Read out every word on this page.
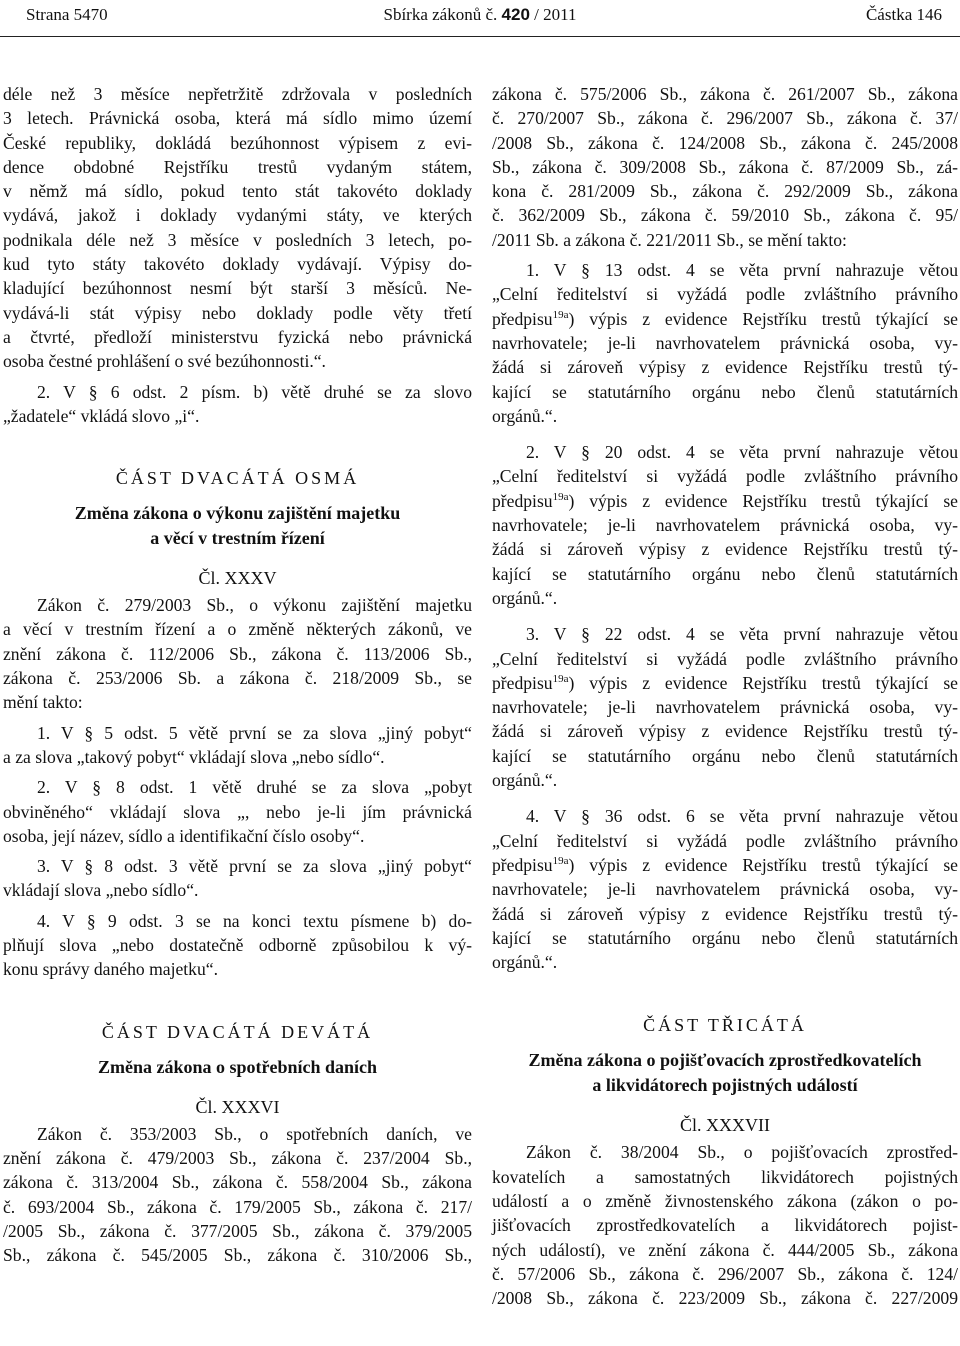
Strana 5470	Sbírka zákonů č. 420 / 2011	Částka 146
déle než 3 měsíce nepřetržitě zdržovala v posledních
3 letech. Právnická osoba, která má sídlo mimo území
České republiky, dokládá bezúhonnost výpisem z evi-
dence obdobné Rejstříku trestů vydaným státem,
v němž má sídlo, pokud tento stát takovéto doklady
vydává, jakož i doklady vydanými státy, ve kterých
podnikala déle než 3 měsíce v posledních 3 letech, po-
kud tyto státy takovéto doklady vydávají. Výpisy do-
kladující bezúhonnost nesmí být starší 3 měsíců. Ne-
vydává-li stát výpisy nebo doklady podle věty třetí
a čtvrté, předloží ministerstvu fyzická nebo právnická
osoba čestné prohlášení o své bezúhonnosti.“.
2. V § 6 odst. 2 písm. b) větě druhé se za slovo
„žadatele“ vkládá slovo „i“.
ČÁST DVACÁTÁ OSMÁ
Změna zákona o výkonu zajištění majetku
a věcí v trestním řízení
Čl. XXXV
Zákon č. 279/2003 Sb., o výkonu zajištění majetku
a věcí v trestním řízení a o změně některých zákonů, ve
znění zákona č. 112/2006 Sb., zákona č. 113/2006 Sb.,
zákona č. 253/2006 Sb. a zákona č. 218/2009 Sb., se
mění takto:
1. V § 5 odst. 5 větě první se za slova „jiný pobyt“
a za slova „takový pobyt“ vkládají slova „nebo sídlo“.
2. V § 8 odst. 1 větě druhé se za slova „pobyt
obviněného“ vkládají slova „, nebo je-li jím právnická
osoba, její název, sídlo a identifikační číslo osoby“.
3. V § 8 odst. 3 větě první se za slova „jiný pobyt“
vkládají slova „nebo sídlo“.
4. V § 9 odst. 3 se na konci textu písmene b) do-
plňují slova „nebo dostatečně odborně způsobilou k vý-
konu správy daného majetku“.
ČÁST DVACÁTÁ DEVÁTÁ
Změna zákona o spotřebních daních
Čl. XXXVI
Zákon č. 353/2003 Sb., o spotřebních daních, ve
znění zákona č. 479/2003 Sb., zákona č. 237/2004 Sb.,
zákona č. 313/2004 Sb., zákona č. 558/2004 Sb., zákona
č. 693/2004 Sb., zákona č. 179/2005 Sb., zákona č. 217/
/2005 Sb., zákona č. 377/2005 Sb., zákona č. 379/2005
Sb., zákona č. 545/2005 Sb., zákona č. 310/2006 Sb.,
zákona č. 575/2006 Sb., zákona č. 261/2007 Sb., zákona
č. 270/2007 Sb., zákona č. 296/2007 Sb., zákona č. 37/
/2008 Sb., zákona č. 124/2008 Sb., zákona č. 245/2008
Sb., zákona č. 309/2008 Sb., zákona č. 87/2009 Sb., zá-
kona č. 281/2009 Sb., zákona č. 292/2009 Sb., zákona
č. 362/2009 Sb., zákona č. 59/2010 Sb., zákona č. 95/
/2011 Sb. a zákona č. 221/2011 Sb., se mění takto:
1. V § 13 odst. 4 se věta první nahrazuje větou
„Celní ředitelství si vyžádá podle zvláštního právního
předpisu$^{19a}$) výpis z evidence Rejstříku trestů týkající se
navrhovatele; je-li navrhovatelem právnická osoba, vy-
žádá si zároveň výpisy z evidence Rejstříku trestů tý-
kající se statutárního orgánu nebo členů statutárních
orgánů.“.
2. V § 20 odst. 4 se věta první nahrazuje větou
„Celní ředitelství si vyžádá podle zvláštního právního
předpisu$^{19a}$) výpis z evidence Rejstříku trestů týkající se
navrhovatele; je-li navrhovatelem právnická osoba, vy-
žádá si zároveň výpisy z evidence Rejstříku trestů tý-
kající se statutárního orgánu nebo členů statutárních
orgánů.“.
3. V § 22 odst. 4 se věta první nahrazuje větou
„Celní ředitelství si vyžádá podle zvláštního právního
předpisu$^{19a}$) výpis z evidence Rejstříku trestů týkající se
navrhovatele; je-li navrhovatelem právnická osoba, vy-
žádá si zároveň výpisy z evidence Rejstříku trestů tý-
kající se statutárního orgánu nebo členů statutárních
orgánů.“.
4. V § 36 odst. 6 se věta první nahrazuje větou
„Celní ředitelství si vyžádá podle zvláštního právního
předpisu$^{19a}$) výpis z evidence Rejstříku trestů týkající se
navrhovatele; je-li navrhovatelem právnická osoba, vy-
žádá si zároveň výpisy z evidence Rejstříku trestů tý-
kající se statutárního orgánu nebo členů statutárních
orgánů.“.
ČÁST TŘICÁTÁ
Změna zákona o pojišťovacích zprostředkovatelích
a likvidátorech pojistných událostí
Čl. XXXVII
Zákon č. 38/2004 Sb., o pojišťovacích zprostřed-
kovatelích a samostatných likvidátorech pojistných
událostí a o změně živnostenského zákona (zákon o po-
jišťovacích zprostředkovatelích a likvidátorech pojist-
ných událostí), ve znění zákona č. 444/2005 Sb., zákona
č. 57/2006 Sb., zákona č. 296/2007 Sb., zákona č. 124/
/2008 Sb., zákona č. 223/2009 Sb., zákona č. 227/2009
